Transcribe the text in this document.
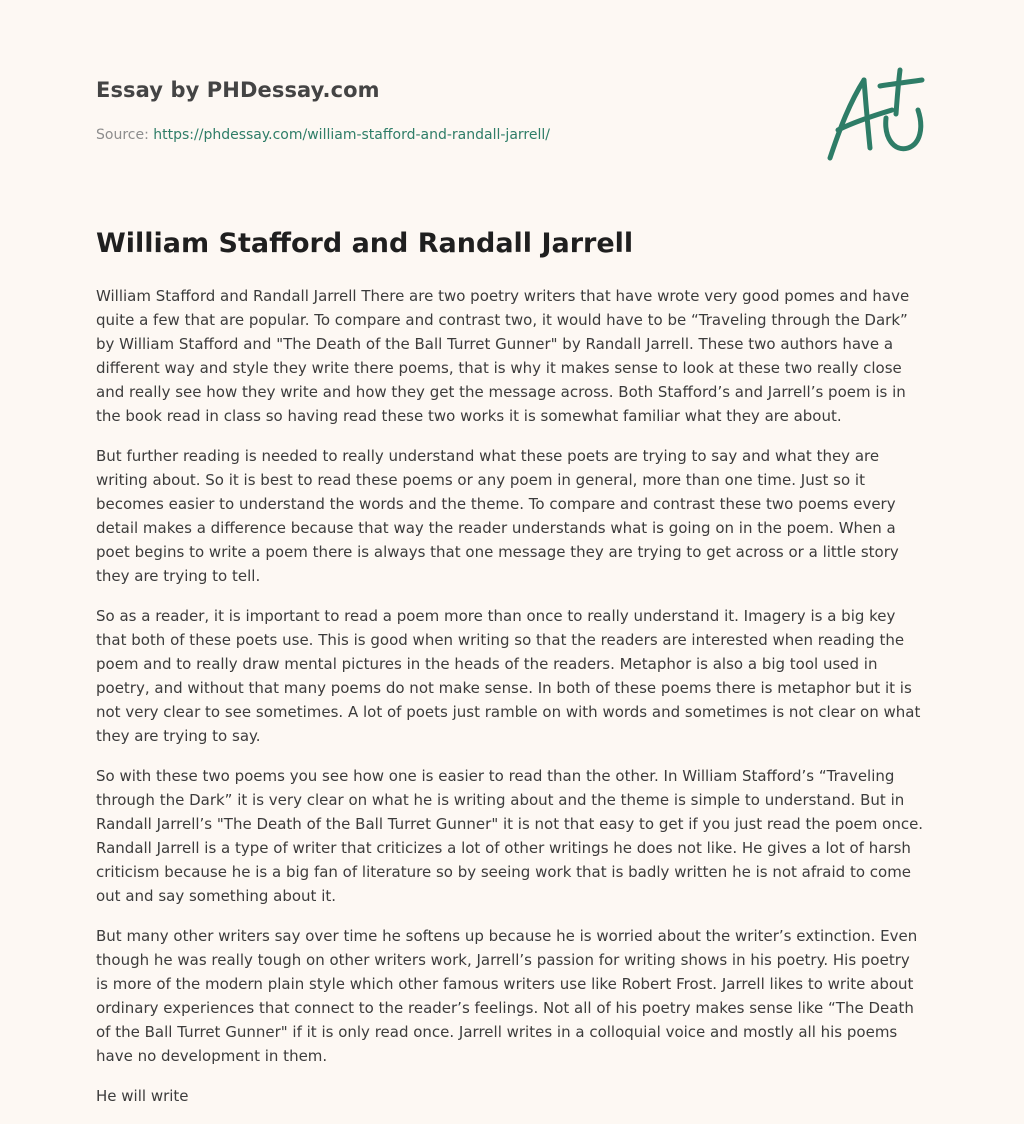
Essay by PHDessay.com
Source: https://phdessay.com/william-stafford-and-randall-jarrell/
William Stafford and Randall Jarrell

William Stafford and Randall Jarrell There are two poetry writers that have wrote very good pomes and have quite a few that are popular. To compare and contrast two, it would have to be “Traveling through the Dark” by William Stafford and "The Death of the Ball Turret Gunner" by Randall Jarrell. These two authors have a different way and style they write there poems, that is why it makes sense to look at these two really close and really see how they write and how they get the message across. Both Stafford’s and Jarrell’s poem is in the book read in class so having read these two works it is somewhat familiar what they are about.

But further reading is needed to really understand what these poets are trying to say and what they are writing about. So it is best to read these poems or any poem in general, more than one time. Just so it becomes easier to understand the words and the theme. To compare and contrast these two poems every detail makes a difference because that way the reader understands what is going on in the poem. When a poet begins to write a poem there is always that one message they are trying to get across or a little story they are trying to tell.

So as a reader, it is important to read a poem more than once to really understand it. Imagery is a big key that both of these poets use. This is good when writing so that the readers are interested when reading the poem and to really draw mental pictures in the heads of the readers. Metaphor is also a big tool used in poetry, and without that many poems do not make sense. In both of these poems there is metaphor but it is not very clear to see sometimes. A lot of poets just ramble on with words and sometimes is not clear on what they are trying to say.

So with these two poems you see how one is easier to read than the other. In William Stafford’s “Traveling through the Dark” it is very clear on what he is writing about and the theme is simple to understand. But in Randall Jarrell’s "The Death of the Ball Turret Gunner" it is not that easy to get if you just read the poem once. Randall Jarrell is a type of writer that criticizes a lot of other writings he does not like. He gives a lot of harsh criticism because he is a big fan of literature so by seeing work that is badly written he is not afraid to come out and say something about it.

But many other writers say over time he softens up because he is worried about the writer’s extinction. Even though he was really tough on other writers work, Jarrell’s passion for writing shows in his poetry. His poetry is more of the modern plain style which other famous writers use like Robert Frost. Jarrell likes to write about ordinary experiences that connect to the reader’s feelings. Not all of his poetry makes sense like “The Death of the Ball Turret Gunner" if it is only read once. Jarrell writes in a colloquial voice and mostly all his poems have no development in them.

He will write
